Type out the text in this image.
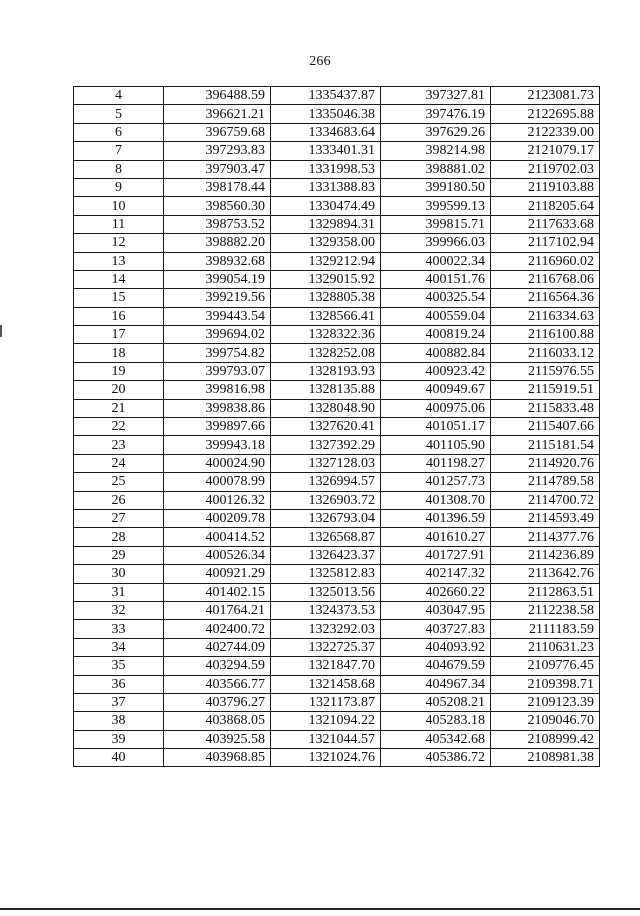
266
4	396488.59	1335437.87	397327.81	2123081.73
5	396621.21	1335046.38	397476.19	2122695.88
6	396759.68	1334683.64	397629.26	2122339.00
7	397293.83	1333401.31	398214.98	2121079.17
8	397903.47	1331998.53	398881.02	2119702.03
9	398178.44	1331388.83	399180.50	2119103.88
10	398560.30	1330474.49	399599.13	2118205.64
11	398753.52	1329894.31	399815.71	2117633.68
12	398882.20	1329358.00	399966.03	2117102.94
13	398932.68	1329212.94	400022.34	2116960.02
14	399054.19	1329015.92	400151.76	2116768.06
15	399219.56	1328805.38	400325.54	2116564.36
16	399443.54	1328566.41	400559.04	2116334.63
17	399694.02	1328322.36	400819.24	2116100.88
18	399754.82	1328252.08	400882.84	2116033.12
19	399793.07	1328193.93	400923.42	2115976.55
20	399816.98	1328135.88	400949.67	2115919.51
21	399838.86	1328048.90	400975.06	2115833.48
22	399897.66	1327620.41	401051.17	2115407.66
23	399943.18	1327392.29	401105.90	2115181.54
24	400024.90	1327128.03	401198.27	2114920.76
25	400078.99	1326994.57	401257.73	2114789.58
26	400126.32	1326903.72	401308.70	2114700.72
27	400209.78	1326793.04	401396.59	2114593.49
28	400414.52	1326568.87	401610.27	2114377.76
29	400526.34	1326423.37	401727.91	2114236.89
30	400921.29	1325812.83	402147.32	2113642.76
31	401402.15	1325013.56	402660.22	2112863.51
32	401764.21	1324373.53	403047.95	2112238.58
33	402400.72	1323292.03	403727.83	2111183.59
34	402744.09	1322725.37	404093.92	2110631.23
35	403294.59	1321847.70	404679.59	2109776.45
36	403566.77	1321458.68	404967.34	2109398.71
37	403796.27	1321173.87	405208.21	2109123.39
38	403868.05	1321094.22	405283.18	2109046.70
39	403925.58	1321044.57	405342.68	2108999.42
40	403968.85	1321024.76	405386.72	2108981.38
